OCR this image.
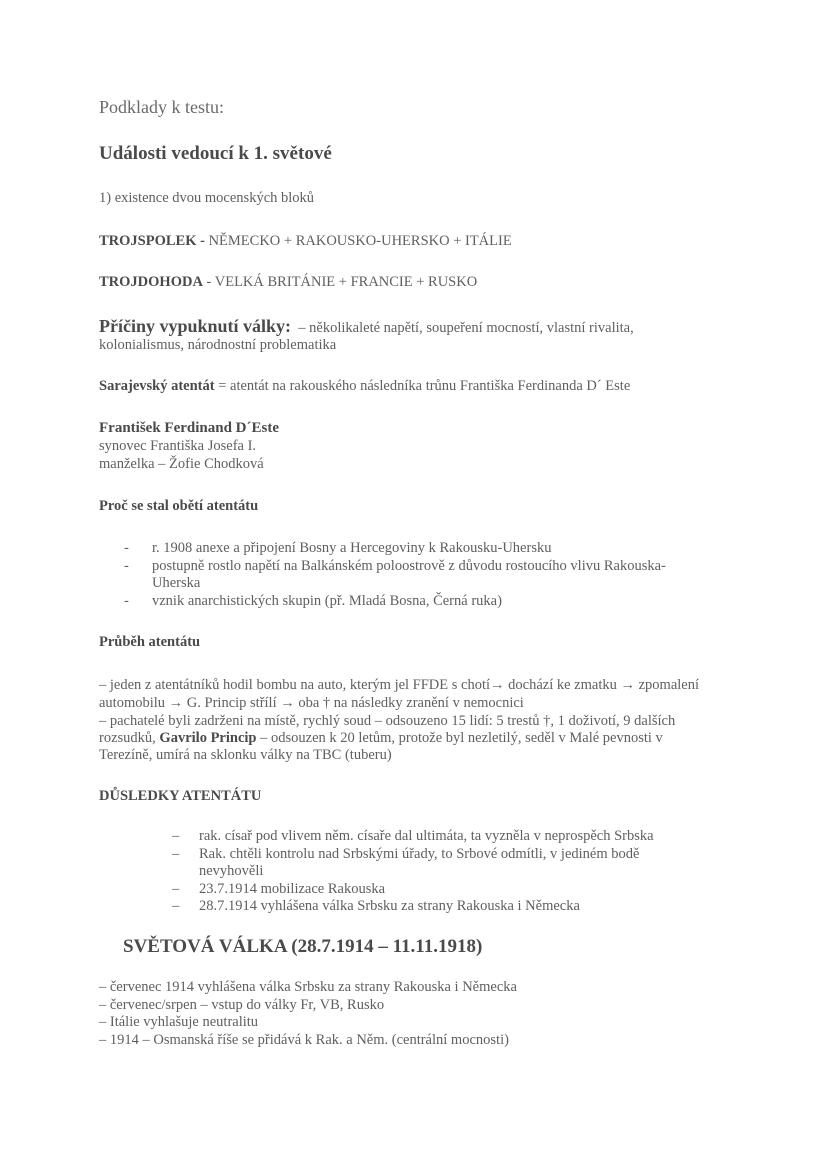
Podklady k testu:
Události vedoucí k 1. světové
1) existence dvou mocenských bloků
TROJSPOLEK - NĚMECKO + RAKOUSKO-UHERSKO + ITÁLIE
TROJDOHODA - VELKÁ BRITÁNIE + FRANCIE + RUSKO
Příčiny vypuknutí války: – několikaleté napětí, soupeření mocností, vlastní rivalita,
kolonialismus, národnostní problematika
Sarajevský atentát = atentát na rakouského následníka trůnu Františka Ferdinanda D´ Este
František Ferdinand D´Este
synovec Františka Josefa I.
manželka – Žofie Chodková
Proč se stal obětí atentátu
- r. 1908 anexe a připojení Bosny a Hercegoviny k Rakousku-Uhersku
- postupně rostlo napětí na Balkánském poloostrově z důvodu rostoucího vlivu Rakouska-
Uherska
- vznik anarchistických skupin (př. Mladá Bosna, Černá ruka)
Průběh atentátu
– jeden z atentátníků hodil bombu na auto, kterým jel FFDE s chotí→ dochází ke zmatku → zpomalení
automobilu → G. Princip střílí → oba † na následky zranění v nemocnici
– pachatelé byli zadrženi na místě, rychlý soud – odsouzeno 15 lidí: 5 trestů †, 1 doživotí, 9 dalších
rozsudků, Gavrilo Princip – odsouzen k 20 letům, protože byl nezletilý, seděl v Malé pevnosti v
Terezíně, umírá na sklonku války na TBC (tuberu)
DŮSLEDKY ATENTÁTU
– rak. císař pod vlivem něm. císaře dal ultimáta, ta vyzněla v neprospěch Srbska
– Rak. chtěli kontrolu nad Srbskými úřady, to Srbové odmítli, v jediném bodě
nevyhověli
– 23.7.1914 mobilizace Rakouska
– 28.7.1914 vyhlášena válka Srbsku za strany Rakouska i Německa
SVĚTOVÁ VÁLKA (28.7.1914 – 11.11.1918)
– červenec 1914 vyhlášena válka Srbsku za strany Rakouska i Německa
– červenec/srpen – vstup do války Fr, VB, Rusko
– Itálie vyhlašuje neutralitu
– 1914 – Osmanská říše se přidává k Rak. a Něm. (centrální mocnosti)
